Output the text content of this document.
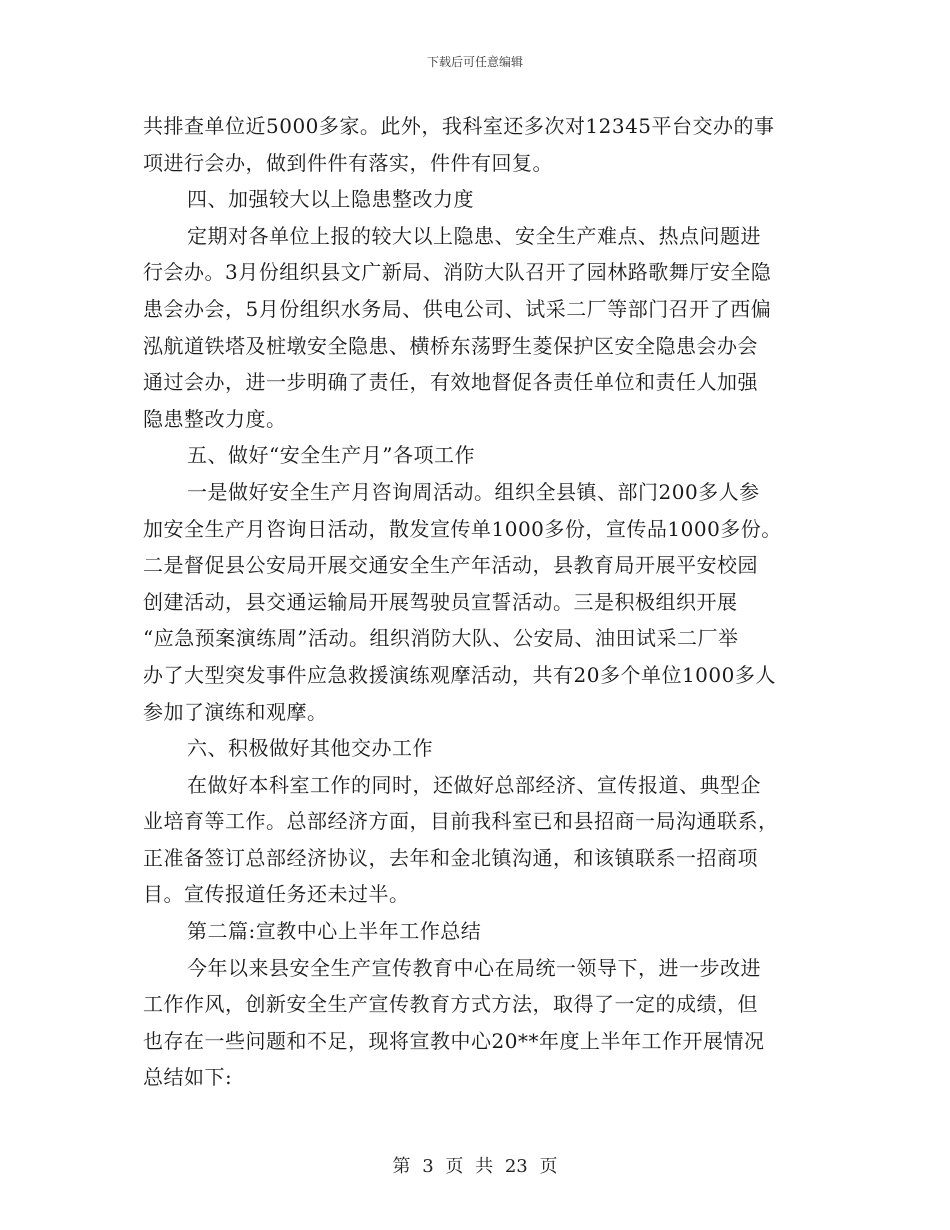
下载后可任意编辑
共排查单位近5000多家。此外，我科室还多次对12345平台交办的事
项进行会办，做到件件有落实，件件有回复。
四、加强较大以上隐患整改力度
定期对各单位上报的较大以上隐患、安全生产难点、热点问题进
行会办。3月份组织县文广新局、消防大队召开了园林路歌舞厅安全隐
患会办会，5月份组织水务局、供电公司、试采二厂等部门召开了西偏
泓航道铁塔及桩墩安全隐患、横桥东荡野生菱保护区安全隐患会办会
通过会办，进一步明确了责任，有效地督促各责任单位和责任人加强
隐患整改力度。
五、做好“安全生产月”各项工作
一是做好安全生产月咨询周活动。组织全县镇、部门200多人参
加安全生产月咨询日活动，散发宣传单1000多份，宣传品1000多份。
二是督促县公安局开展交通安全生产年活动，县教育局开展平安校园
创建活动，县交通运输局开展驾驶员宣誓活动。三是积极组织开展
“应急预案演练周”活动。组织消防大队、公安局、油田试采二厂举
办了大型突发事件应急救援演练观摩活动，共有20多个单位1000多人
参加了演练和观摩。
六、积极做好其他交办工作
在做好本科室工作的同时，还做好总部经济、宣传报道、典型企
业培育等工作。总部经济方面，目前我科室已和县招商一局沟通联系，
正准备签订总部经济协议，去年和金北镇沟通，和该镇联系一招商项
目。宣传报道任务还未过半。
第二篇:宣教中心上半年工作总结
今年以来县安全生产宣传教育中心在局统一领导下，进一步改进
工作作风，创新安全生产宣传教育方式方法，取得了一定的成绩，但
也存在一些问题和不足，现将宣教中心20**年度上半年工作开展情况
总结如下:
第 3 页 共 23 页
